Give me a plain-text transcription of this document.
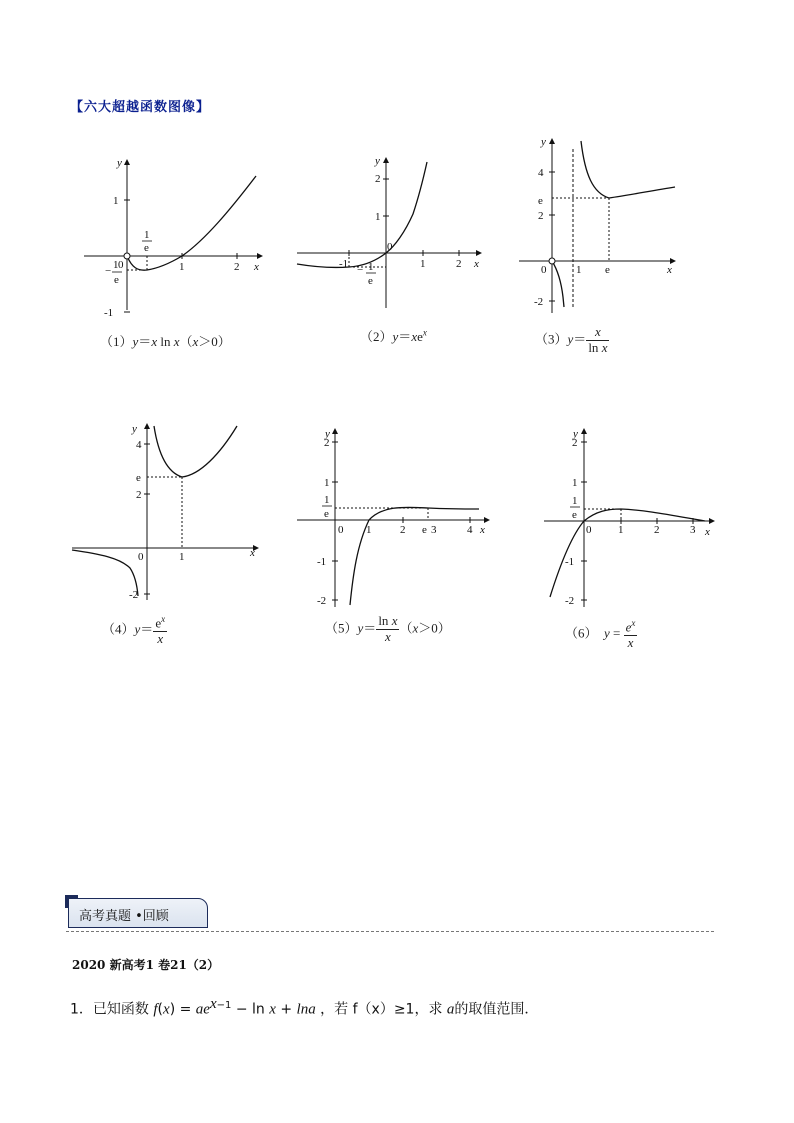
【六大超越函数图像】
x
y
0	1	2
1
-1
1
e
− 1
e
（1）y＝x ln x（x＞0）
x
y
0
-1	1	2
1
2
− 1
e
$(2)y=xe^x$
x
y
0	1 e
4
e
2
-2
$(3)y= \frac{x}{\text{ln x}}$
x
y
0	1
4
e
2
-2
$(4)y= \frac{e^x}{x}$
x
y
0 1	2 e 3	4
2
1
-1
-2
1
e
$(5)y= \frac{\text{ln x}}{x} (x>0)$
x
y
0 1	2	3
2
1
-1
-2
1
e
（6） $y = \frac{e^x}{x}$
高考真题 •回顾
2020 新高考1 卷21（2）
1．已知函数 $f(x) = ae^{x-1} - \ln x + \ln a$ ，若 f（x）≥1，求 a的取值范围．
